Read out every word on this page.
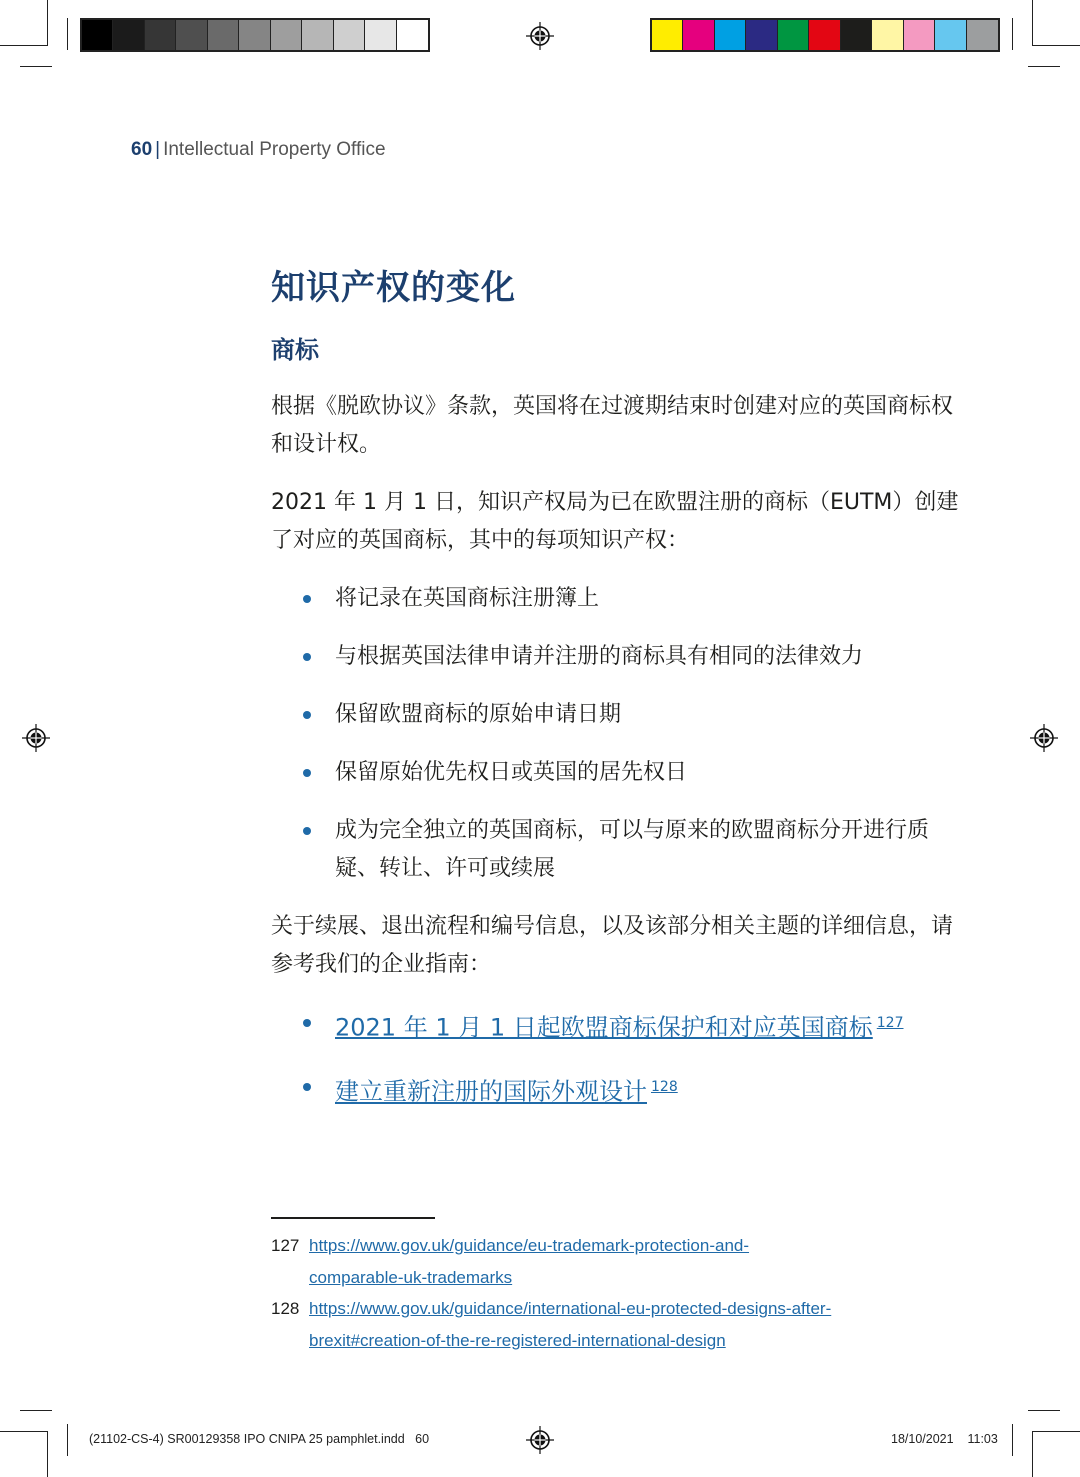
60 | Intellectual Property Office
知识产权的变化
商标

根据《脱欧协议》条款，英国将在过渡期结束时创建对应的英国商标权和设计权。

2021 年 1 月 1 日，知识产权局为已在欧盟注册的商标（EUTM）创建了对应的英国商标，其中的每项知识产权：

将记录在英国商标注册簿上
与根据英国法律申请并注册的商标具有相同的法律效力
保留欧盟商标的原始申请日期
保留原始优先权日或英国的居先权日
成为完全独立的英国商标，可以与原来的欧盟商标分开进行质疑、转让、许可或续展

关于续展、退出流程和编号信息，以及该部分相关主题的详细信息，请参考我们的企业指南：

2021 年 1 月 1 日起欧盟商标保护和对应英国商标 $^{127}$
建立重新注册的国际外观设计 $^{128}$
127 https://www.gov.uk/guidance/eu-trademark-protection-and-
comparable-uk-trademarks
128 https://www.gov.uk/guidance/international-eu-protected-designs-after-
brexit#creation-of-the-re-registered-international-design
(21102-CS-4) SR00129358 IPO CNIPA 25 pamphlet.indd 60	18/10/2021 11:03
